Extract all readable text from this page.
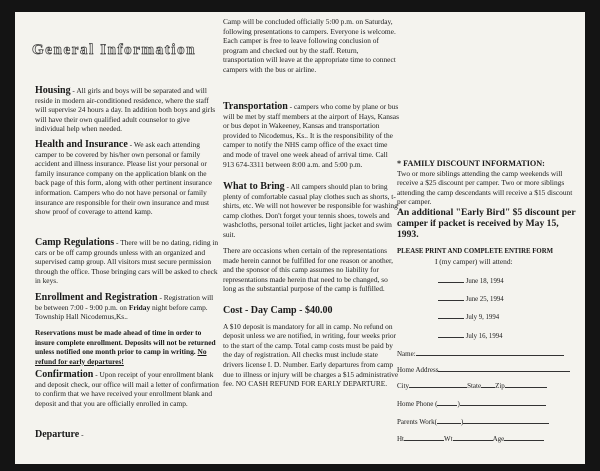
General Information

Housing - All girls and boys will be separated and will reside in modern air-conditioned residence, where the staff will supervise 24 hours a day. In addition both boys and girls will have their own qualified adult counselor to give individual help when needed.

Health and Insurance - We ask each attending camper to be covered by his/her own personal or family accident and illness insurance. Please list your personal or family insurance company on the application blank on the back page of this form, along with other pertinent insurance information. Campers who do not have personal or family insurance are responsible for their own insurance and must show proof of coverage to attend kamp.

Camp Regulations - There will be no dating, riding in cars or be off camp grounds unless with an organized and supervised camp group. All visitors must secure permission through the office. Those bringing cars will be asked to check in keys.

Enrollment and Registration - Registration will be between 7:00 - 9:00 p.m. on Friday night before camp. Township Hall Nicodemus,Ks..

Reservations must be made ahead of time in order to insure complete enrollment. Deposits will not be returned unless notified one month prior to camp in writing. No refund for early departures!

Confirmation - Upon receipt of your enrollment blank and deposit check, our office will mail a letter of confirmation to confirm that we have received your enrollment blank and deposit and that you are officially enrolled in camp.

Departure -

Camp will be concluded officially 5:00 p.m. on Saturday, following presentations to campers. Everyone is welcome. Each camper is free to leave following conclusion of program and checked out by the staff. Return, transportation will leave at the appropriate time to connect campers with the bus or airline.

Transportation - campers who come by plane or bus will be met by staff members at the airport of Hays, Kansas or bus depot in Wakeeney, Kansas and transportation provided to Nicodemus, Ks.. It is the responsibility of the camper to notify the NHS camp office of the exact time and mode of travel one week ahead of arrival time. Call 913 674-3311 between 8:00 a.m. and 5:00 p.m.

What to Bring - All campers should plan to bring plenty of comfortable casual play clothes such as shorts, t-shirts, etc. We will not however be responsible for washing camp clothes. Don't forget your tennis shoes, towels and washcloths, personal toilet articles, light jacket and swim suit.

There are occasions when certain of the representations made herein cannot be fulfilled for one reason or another, and the sponsor of this camp assumes no liability for representations made herein that need to be changed, so long as the substantial purpose of the camp is fulfilled.

Cost - Day Camp - $40.00

A $10 deposit is mandatory for all in camp. No refund on deposit unless we are notified, in writing, four weeks prior to the start of the camp. Total camp costs must be paid by the day of registration. All checks must include state drivers license I. D. Number. Early departures from camp due to illness or injury will be charges a $15 administrative fee. NO CASH REFUND FOR EARLY DEPARTURE.

* FAMILY DISCOUNT INFORMATION:

Two or more siblings attending the camp weekends will receive a $25 discount per camper. Two or more siblings attending the camp descendants will receive a $15 discount per camper.

An additional "Early Bird" $5 discount per camper if packet is received by May 15, 1993.

PLEASE PRINT AND COMPLETE ENTIRE FORM

I (my camper) will attend:

June 18, 1994
June 25, 1994
July 9, 1994
July 16, 1994
Name:
Home Address
City	State Zip
Home Phone (	)
Parents Work(	)
Ht	Wt	Age
